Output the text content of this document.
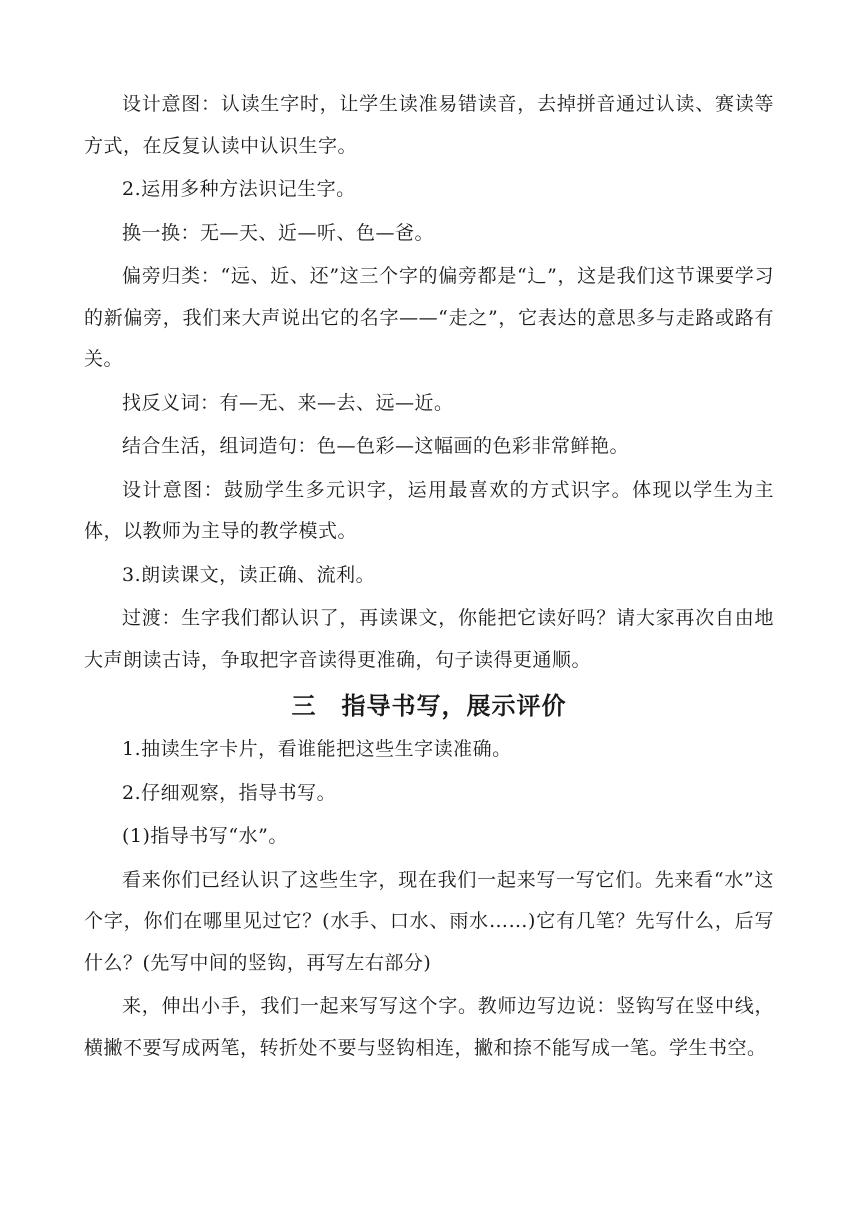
设计意图：认读生字时，让学生读准易错读音，去掉拼音通过认读、赛读等方式，在反复认读中认识生字。

2.运用多种方法识记生字。

换一换：无—天、近—听、色—爸。

偏旁归类：“远、近、还”这三个字的偏旁都是“辶”，这是我们这节课要学习的新偏旁，我们来大声说出它的名字——“走之”，它表达的意思多与走路或路有关。

找反义词：有—无、来—去、远—近。

结合生活，组词造句：色—色彩—这幅画的色彩非常鲜艳。

设计意图：鼓励学生多元识字，运用最喜欢的方式识字。体现以学生为主体，以教师为主导的教学模式。

3.朗读课文，读正确、流利。

过渡：生字我们都认识了，再读课文，你能把它读好吗？请大家再次自由地大声朗读古诗，争取把字音读得更准确，句子读得更通顺。

三　指导书写，展示评价

1.抽读生字卡片，看谁能把这些生字读准确。

2.仔细观察，指导书写。

(1)指导书写“水”。

看来你们已经认识了这些生字，现在我们一起来写一写它们。先来看“水”这个字，你们在哪里见过它？(水手、口水、雨水……)它有几笔？先写什么，后写什么？(先写中间的竖钩，再写左右部分)

来，伸出小手，我们一起来写写这个字。教师边写边说：竖钩写在竖中线，横撇不要写成两笔，转折处不要与竖钩相连，撇和捺不能写成一笔。学生书空。
